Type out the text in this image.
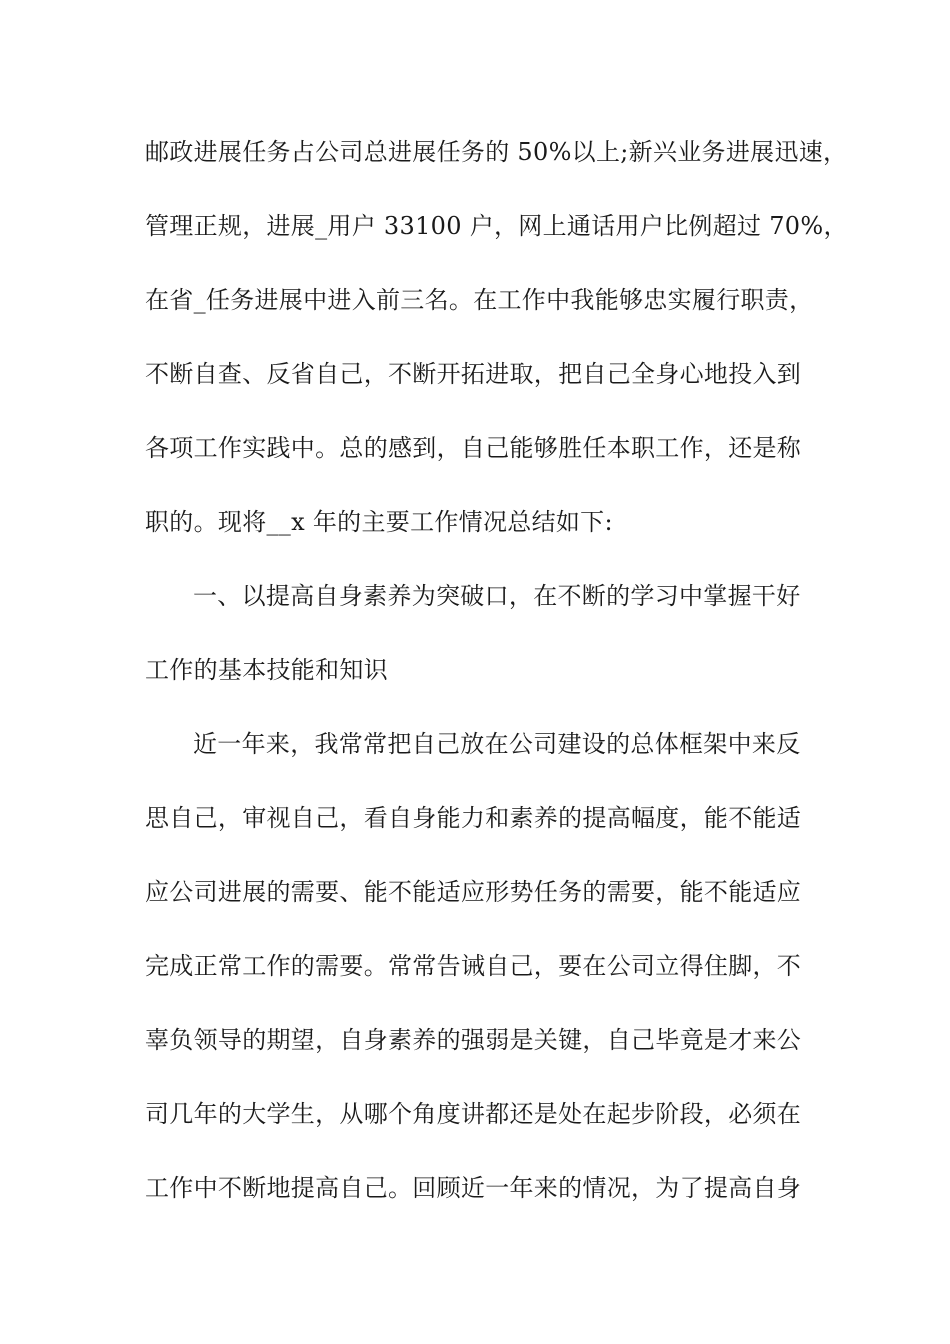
邮政进展任务占公司总进展任务的 50%以上;新兴业务进展迅速，
管理正规，进展_用户 33100 户，网上通话用户比例超过 70%，
在省_任务进展中进入前三名。在工作中我能够忠实履行职责，
不断自查、反省自己，不断开拓进取，把自己全身心地投入到
各项工作实践中。总的感到，自己能够胜任本职工作，还是称
职的。现将__x 年的主要工作情况总结如下:
一、以提高自身素养为突破口，在不断的学习中掌握干好
工作的基本技能和知识
近一年来，我常常把自己放在公司建设的总体框架中来反
思自己，审视自己，看自身能力和素养的提高幅度，能不能适
应公司进展的需要、能不能适应形势任务的需要，能不能适应
完成正常工作的需要。常常告诫自己，要在公司立得住脚，不
辜负领导的期望，自身素养的强弱是关键，自己毕竟是才来公
司几年的大学生，从哪个角度讲都还是处在起步阶段，必须在
工作中不断地提高自己。回顾近一年来的情况，为了提高自身
